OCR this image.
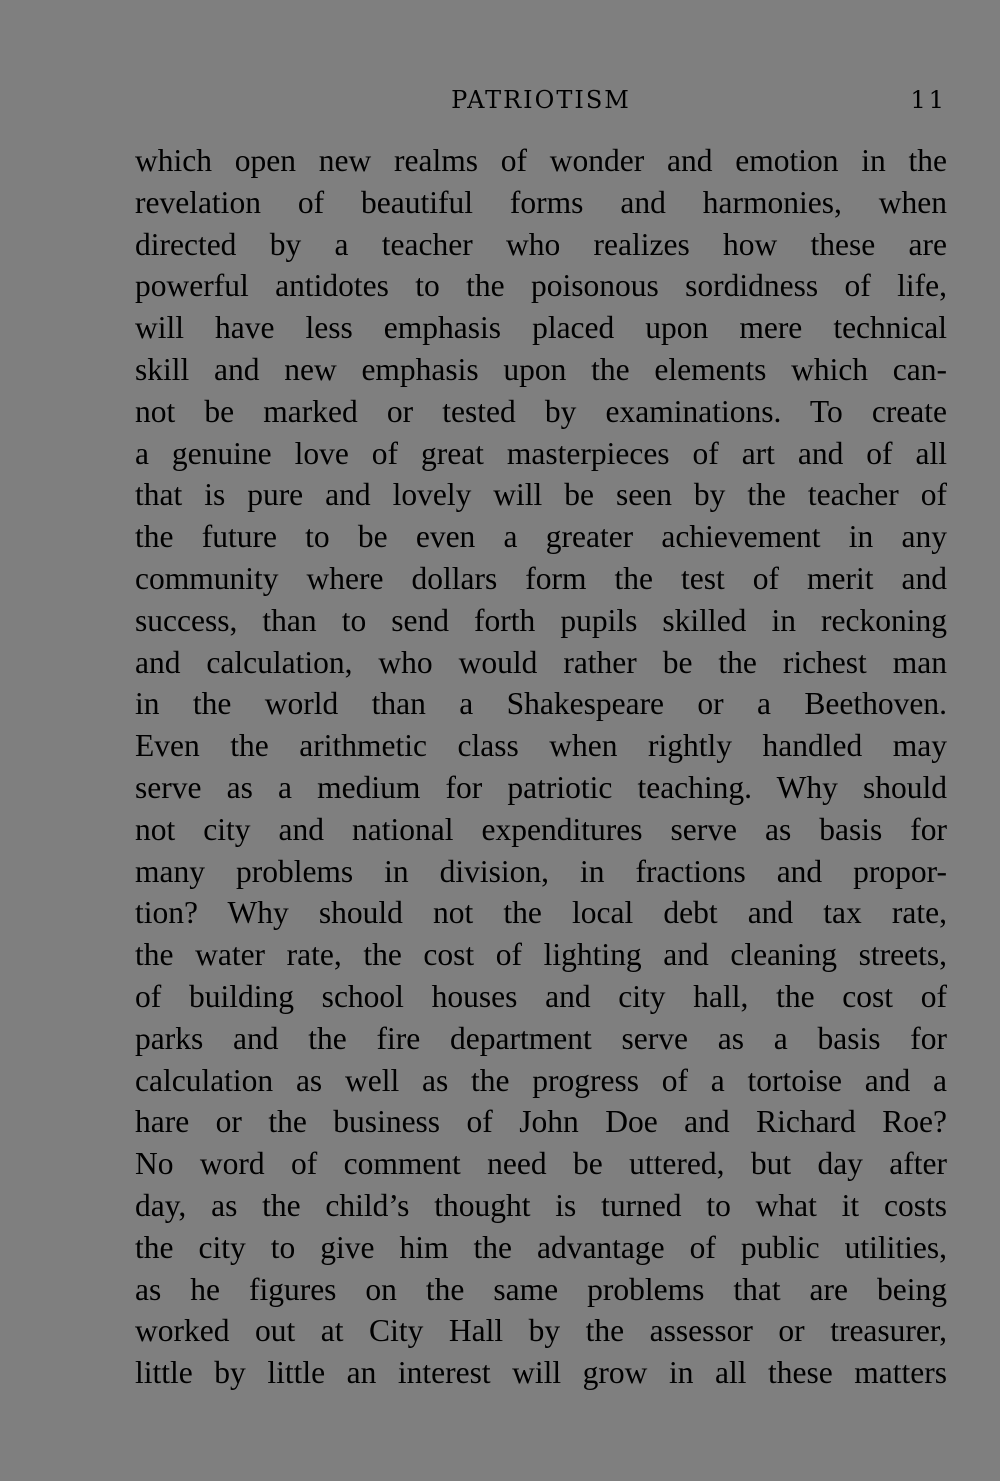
PATRIOTISM	11
which open new realms of wonder and emotion in the
revelation of beautiful forms and harmonies, when
directed by a teacher who realizes how these are
powerful antidotes to the poisonous sordidness of life,
will have less emphasis placed upon mere technical
skill and new emphasis upon the elements which can-
not be marked or tested by examinations. To create
a genuine love of great masterpieces of art and of all
that is pure and lovely will be seen by the teacher of
the future to be even a greater achievement in any
community where dollars form the test of merit and
success, than to send forth pupils skilled in reckoning
and calculation, who would rather be the richest man
in the world than a Shakespeare or a Beethoven.
Even the arithmetic class when rightly handled may
serve as a medium for patriotic teaching. Why should
not city and national expenditures serve as basis for
many problems in division, in fractions and propor-
tion? Why should not the local debt and tax rate,
the water rate, the cost of lighting and cleaning streets,
of building school houses and city hall, the cost of
parks and the fire department serve as a basis for
calculation as well as the progress of a tortoise and a
hare or the business of John Doe and Richard Roe?
No word of comment need be uttered, but day after
day, as the child’s thought is turned to what it costs
the city to give him the advantage of public utilities,
as he figures on the same problems that are being
worked out at City Hall by the assessor or treasurer,
little by little an interest will grow in all these matters
